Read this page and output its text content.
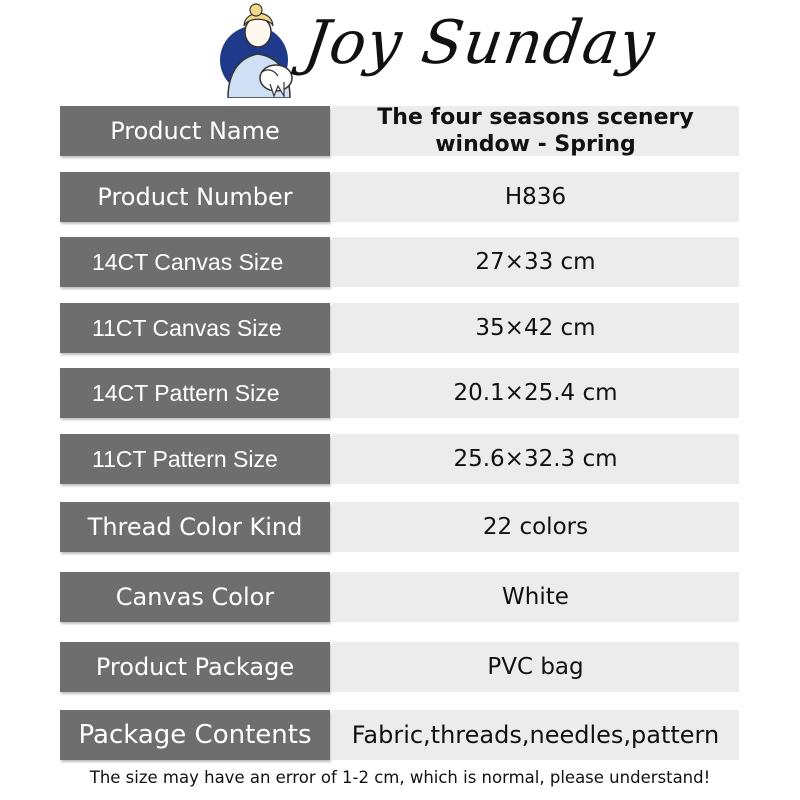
Joy Sunday
Product Name	The four seasons scenery window - Spring
Product Number	H836
14CT Canvas Size	27×33 cm
11CT Canvas Size	35×42 cm
14CT Pattern Size	20.1×25.4 cm
11CT Pattern Size	25.6×32.3 cm
Thread Color Kind	22 colors
Canvas Color	White
Product Package	PVC bag
Package Contents	Fabric,threads,needles,pattern
The size may have an error of 1-2 cm, which is normal, please understand!
